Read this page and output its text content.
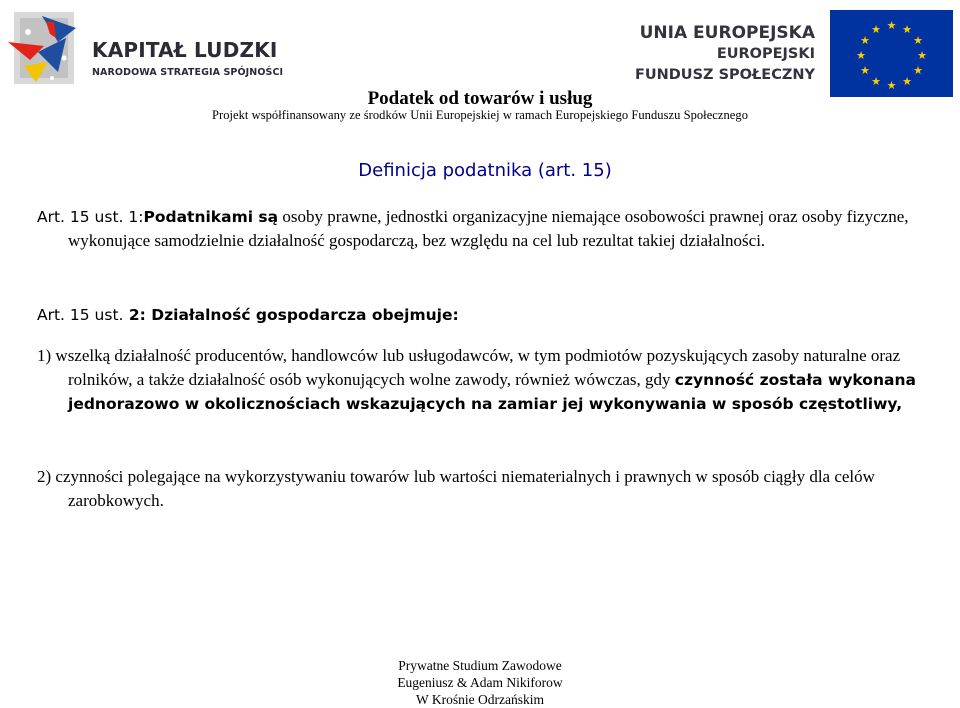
KAPITAŁ LUDZKI
NARODOWA STRATEGIA SPÓJNOŚCI
UNIA EUROPEJSKA
EUROPEJSKI
FUNDUSZ SPOŁECZNY
★ ★
★
★
★
★
★
★
★
★
★
★
Podatek od towarów i usług
Projekt współfinansowany ze środków Unii Europejskiej w ramach Europejskiego Funduszu Społecznego
Definicja podatnika (art. 15)
Art. 15 ust. 1:Podatnikami są osoby prawne, jednostki organizacyjne niemające osobowości prawnej oraz osoby fizyczne, wykonujące samodzielnie działalność gospodarczą, bez względu na cel lub rezultat takiej działalności.
Art. 15 ust. 2: Działalność gospodarcza obejmuje:
1) wszelką działalność producentów, handlowców lub usługodawców, w tym podmiotów pozyskujących zasoby naturalne oraz rolników, a także działalność osób wykonujących wolne zawody, również wówczas, gdy czynność została wykonana jednorazowo w okolicznościach wskazujących na zamiar jej wykonywania w sposób częstotliwy,
2) czynności polegające na wykorzystywaniu towarów lub wartości niematerialnych i prawnych w sposób ciągły dla celów zarobkowych.
Prywatne Studium Zawodowe
Eugeniusz & Adam Nikiforow
W Krośnie Odrzańskim
